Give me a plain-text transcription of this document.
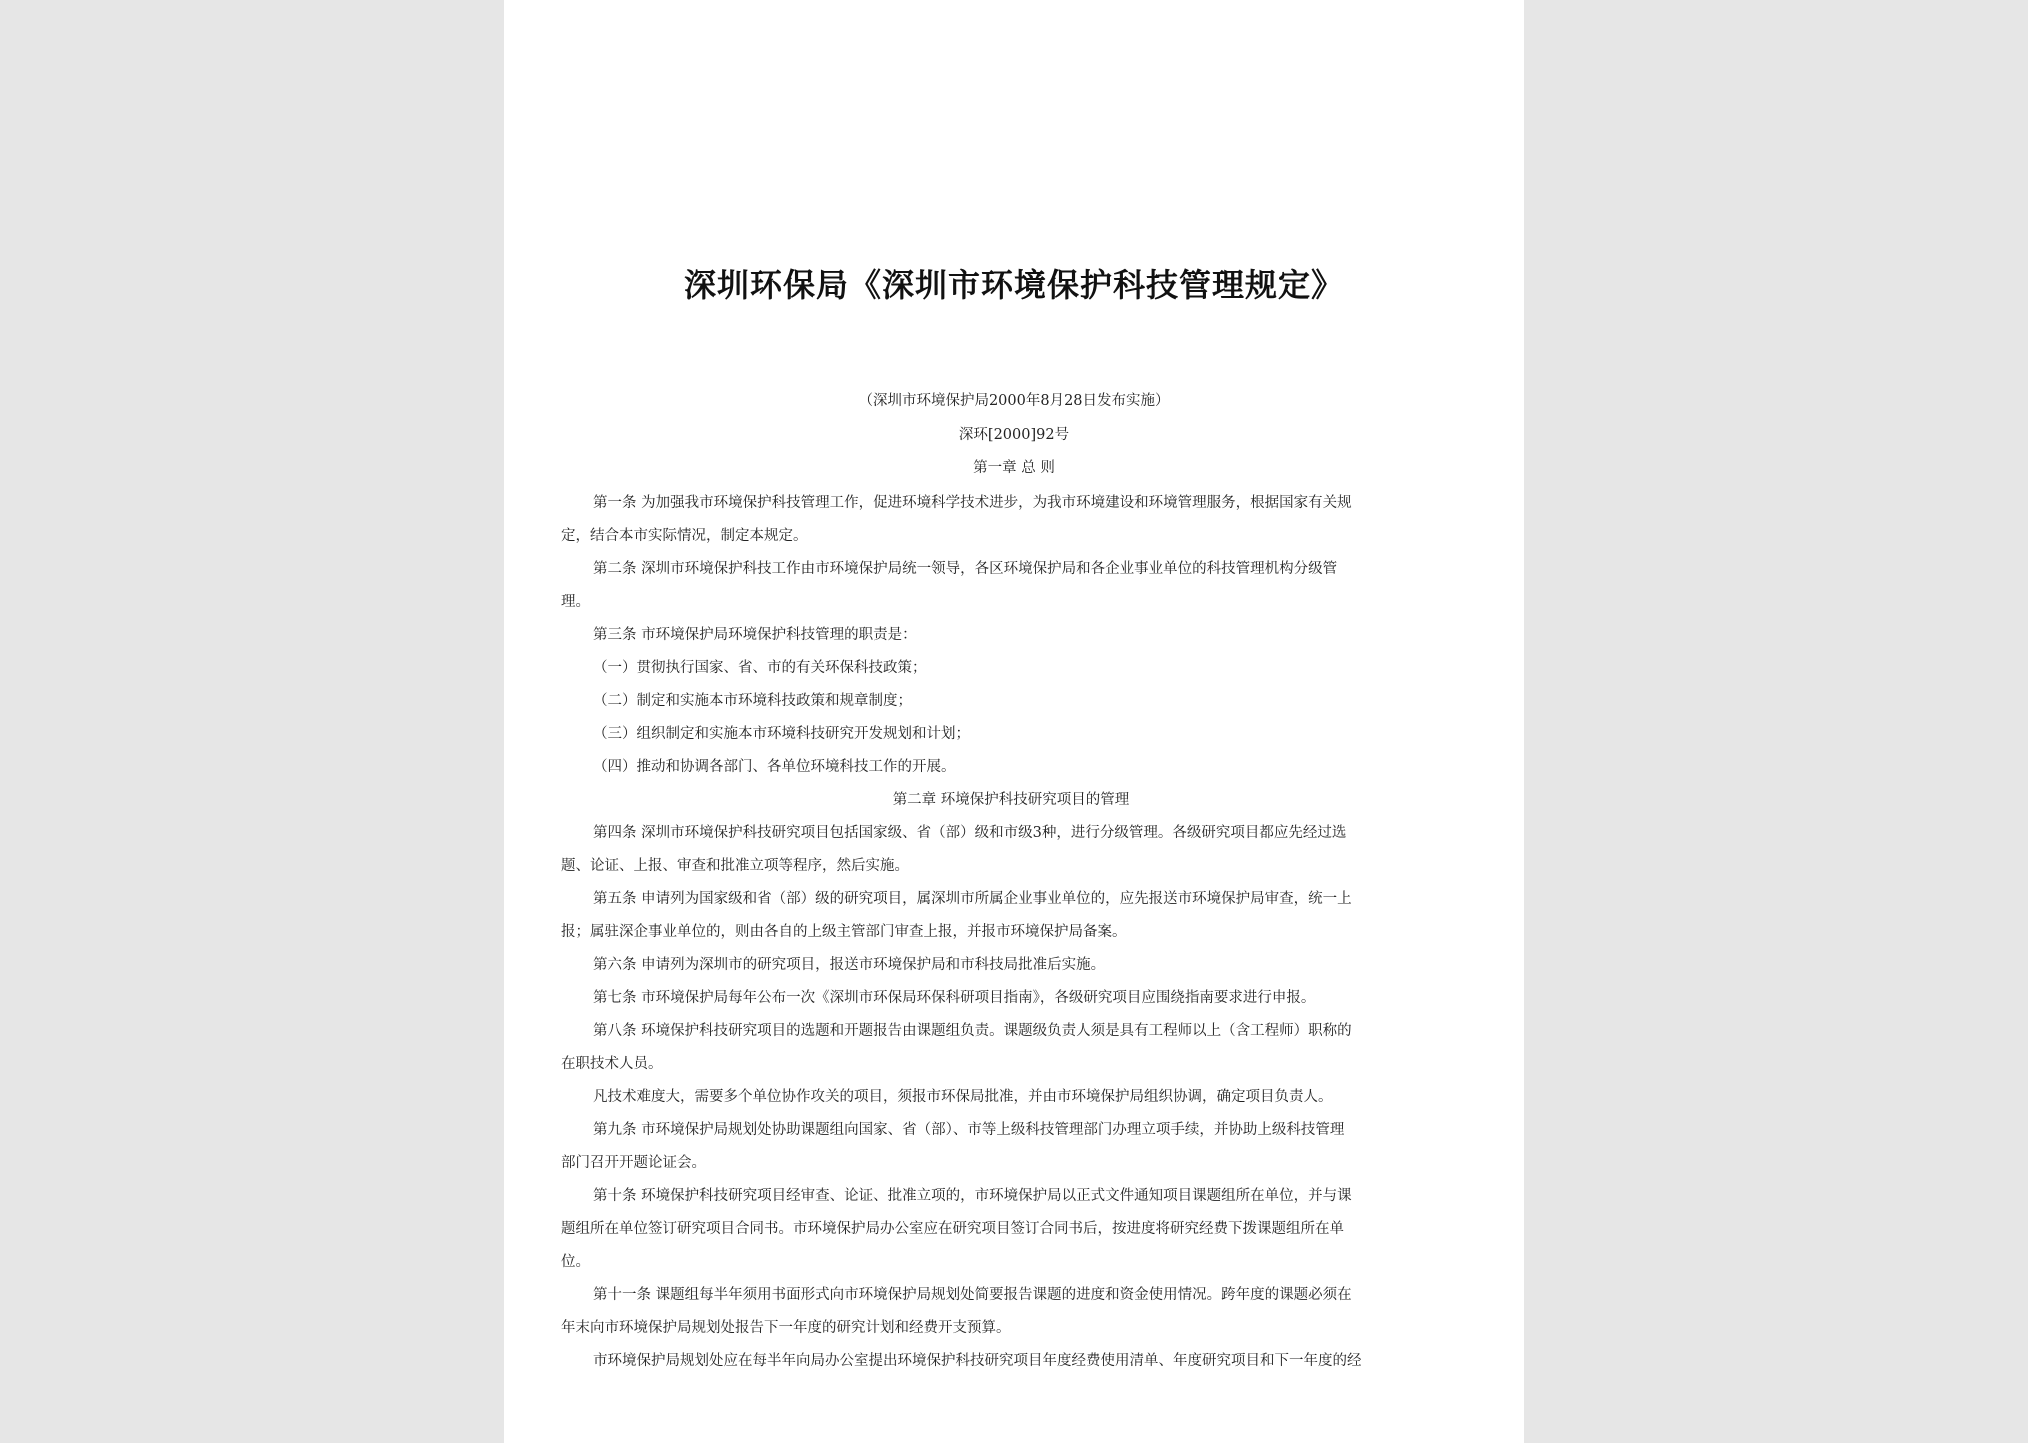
深圳环保局《深圳市环境保护科技管理规定》
（深圳市环境保护局2000年8月28日发布实施）
深环[2000]92号
第一章 总 则
第一条 为加强我市环境保护科技管理工作，促进环境科学技术进步，为我市环境建设和环境管理服务，根据国家有关规
定，结合本市实际情况，制定本规定。
第二条 深圳市环境保护科技工作由市环境保护局统一领导，各区环境保护局和各企业事业单位的科技管理机构分级管
理。
第三条 市环境保护局环境保护科技管理的职责是：
（一）贯彻执行国家、省、市的有关环保科技政策；
（二）制定和实施本市环境科技政策和规章制度；
（三）组织制定和实施本市环境科技研究开发规划和计划；
（四）推动和协调各部门、各单位环境科技工作的开展。
第二章 环境保护科技研究项目的管理
第四条 深圳市环境保护科技研究项目包括国家级、省（部）级和市级3种，进行分级管理。各级研究项目都应先经过选
题、论证、上报、审查和批准立项等程序，然后实施。
第五条 申请列为国家级和省（部）级的研究项目，属深圳市所属企业事业单位的，应先报送市环境保护局审查，统一上
报；属驻深企事业单位的，则由各自的上级主管部门审查上报，并报市环境保护局备案。
第六条 申请列为深圳市的研究项目，报送市环境保护局和市科技局批准后实施。
第七条 市环境保护局每年公布一次《深圳市环保局环保科研项目指南》，各级研究项目应围绕指南要求进行申报。
第八条 环境保护科技研究项目的选题和开题报告由课题组负责。课题级负责人须是具有工程师以上（含工程师）职称的
在职技术人员。
凡技术难度大，需要多个单位协作攻关的项目，须报市环保局批准，并由市环境保护局组织协调，确定项目负责人。
第九条 市环境保护局规划处协助课题组向国家、省（部）、市等上级科技管理部门办理立项手续，并协助上级科技管理
部门召开开题论证会。
第十条 环境保护科技研究项目经审查、论证、批准立项的，市环境保护局以正式文件通知项目课题组所在单位，并与课
题组所在单位签订研究项目合同书。市环境保护局办公室应在研究项目签订合同书后，按进度将研究经费下拨课题组所在单
位。
第十一条 课题组每半年须用书面形式向市环境保护局规划处简要报告课题的进度和资金使用情况。跨年度的课题必须在
年末向市环境保护局规划处报告下一年度的研究计划和经费开支预算。
市环境保护局规划处应在每半年向局办公室提出环境保护科技研究项目年度经费使用清单、年度研究项目和下一年度的经
